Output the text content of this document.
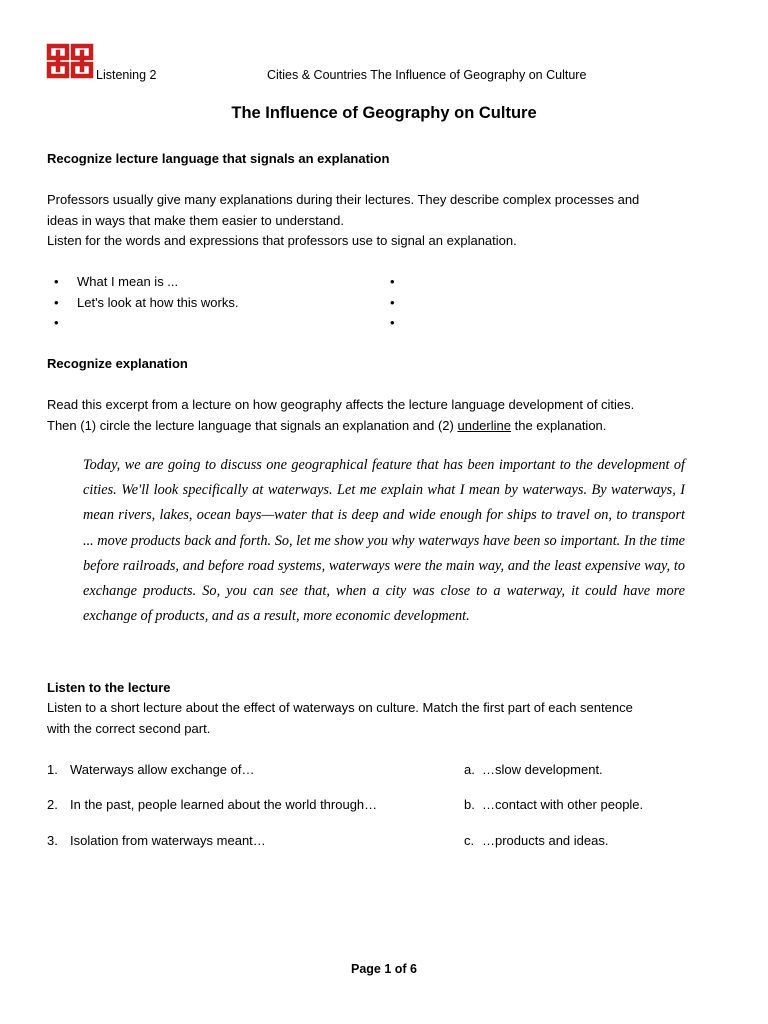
Listening 2	Cities & Countries The Influence of Geography on Culture
The Influence of Geography on Culture
Recognize lecture language that signals an explanation
Professors usually give many explanations during their lectures. They describe complex processes and
ideas in ways that make them easier to understand.
Listen for the words and expressions that professors use to signal an explanation.
• What I mean is ...	•
• Let's look at how this works.	•
•	•
Recognize explanation
Read this excerpt from a lecture on how geography affects the lecture language development of cities.
Then (1) circle the lecture language that signals an explanation and (2) underline the explanation.
Today, we are going to discuss one geographical feature that has been important to the development of cities. We'll look specifically at waterways. Let me explain what I mean by waterways. By waterways, I mean rivers, lakes, ocean bays—water that is deep and wide enough for ships to travel on, to transport ... move products back and forth. So, let me show you why waterways have been so important. In the time before railroads, and before road systems, waterways were the main way, and the least expensive way, to exchange products. So, you can see that, when a city was close to a waterway, it could have more exchange of products, and as a result, more economic development.
Listen to the lecture
Listen to a short lecture about the effect of waterways on culture. Match the first part of each sentence
with the correct second part.
1. Waterways allow exchange of…	a. …slow development.
2. In the past, people learned about the world through…	b. …contact with other people.
3. Isolation from waterways meant…	c. …products and ideas.
Page 1 of 6
